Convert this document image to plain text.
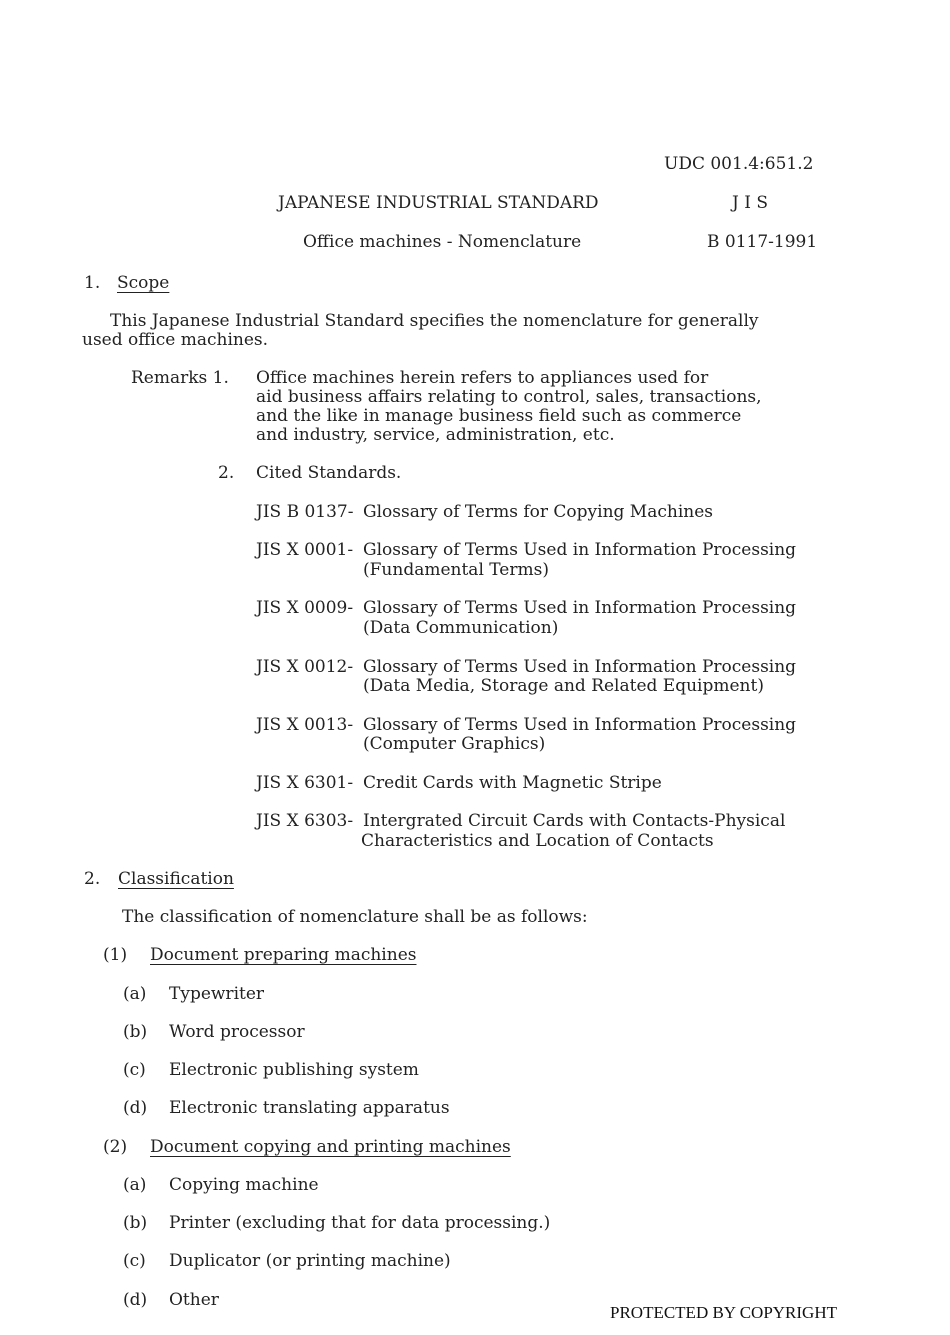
UDC 001.4:651.2
JAPANESE INDUSTRIAL STANDARD	J I S
Office machines - Nomenclature	B 0117-1991
1. Scope
This Japanese Industrial Standard specifies the nomenclature for generally
used office machines.
Remarks 1. Office machines herein refers to appliances used for
aid business affairs relating to control, sales, transactions,
and the like in manage business field such as commerce
and industry, service, administration, etc.
2. Cited Standards.
JIS B 0137- Glossary of Terms for Copying Machines
JIS X 0001- Glossary of Terms Used in Information Processing
(Fundamental Terms)
JIS X 0009- Glossary of Terms Used in Information Processing
(Data Communication)
JIS X 0012- Glossary of Terms Used in Information Processing
(Data Media, Storage and Related Equipment)
JIS X 0013- Glossary of Terms Used in Information Processing
(Computer Graphics)
JIS X 6301- Credit Cards with Magnetic Stripe
JIS X 6303- Intergrated Circuit Cards with Contacts-Physical
Characteristics and Location of Contacts
2. Classification
The classification of nomenclature shall be as follows:
(1) Document preparing machines
(a) Typewriter
(b) Word processor
(c) Electronic publishing system
(d) Electronic translating apparatus
(2) Document copying and printing machines
(a) Copying machine
(b) Printer (excluding that for data processing.)
(c) Duplicator (or printing machine)
(d) Other
PROTECTED BY COPYRIGHT
